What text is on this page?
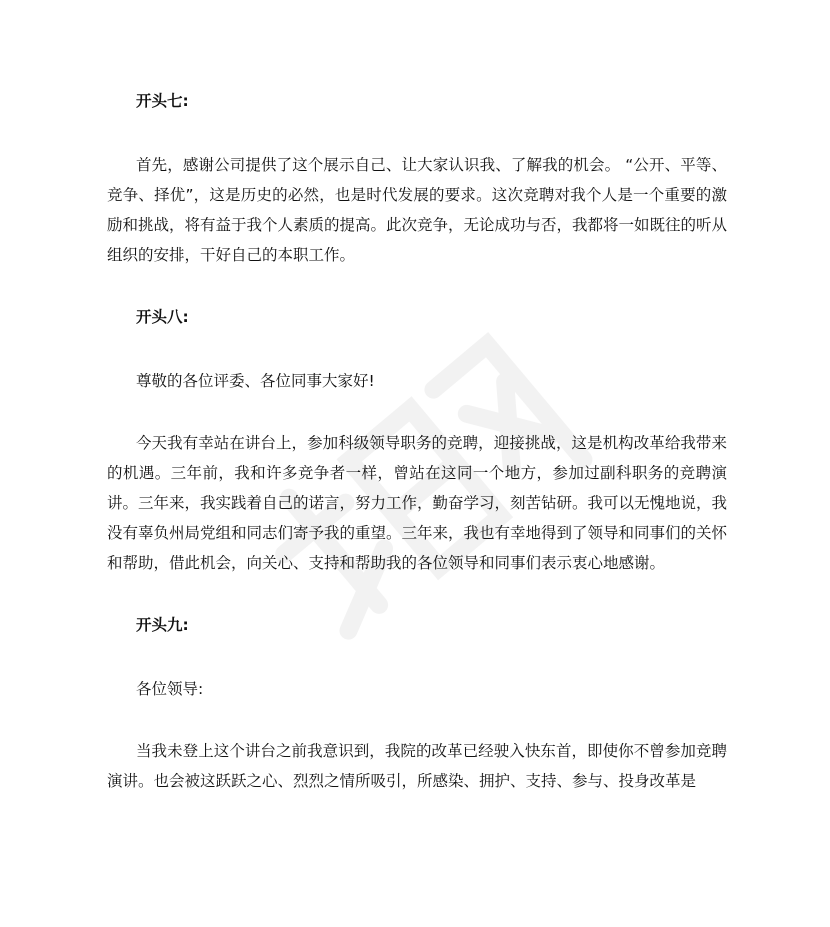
开头七:

首先，感谢公司提供了这个展示自己、让大家认识我、了解我的机会。 “公开、平等、竞争、择优”，这是历史的必然，也是时代发展的要求。这次竞聘对我个人是一个重要的激励和挑战，将有益于我个人素质的提高。此次竞争，无论成功与否，我都将一如既往的听从组织的安排，干好自己的本职工作。

开头八:
尊敬的各位评委、各位同事大家好!

今天我有幸站在讲台上，参加科级领导职务的竞聘，迎接挑战，这是机构改革给我带来的机遇。三年前，我和许多竞争者一样，曾站在这同一个地方，参加过副科职务的竞聘演讲。三年来，我实践着自己的诺言，努力工作，勤奋学习，刻苦钻研。我可以无愧地说，我没有辜负州局党组和同志们寄予我的重望。三年来，我也有幸地得到了领导和同事们的关怀和帮助，借此机会，向关心、支持和帮助我的各位领导和同事们表示衷心地感谢。

开头九:
各位领导:

当我未登上这个讲台之前我意识到，我院的改革已经驶入快东首，即使你不曾参加竞聘演讲。也会被这跃跃之心、烈烈之情所吸引，所感染、拥护、支持、参与、投身改革是
